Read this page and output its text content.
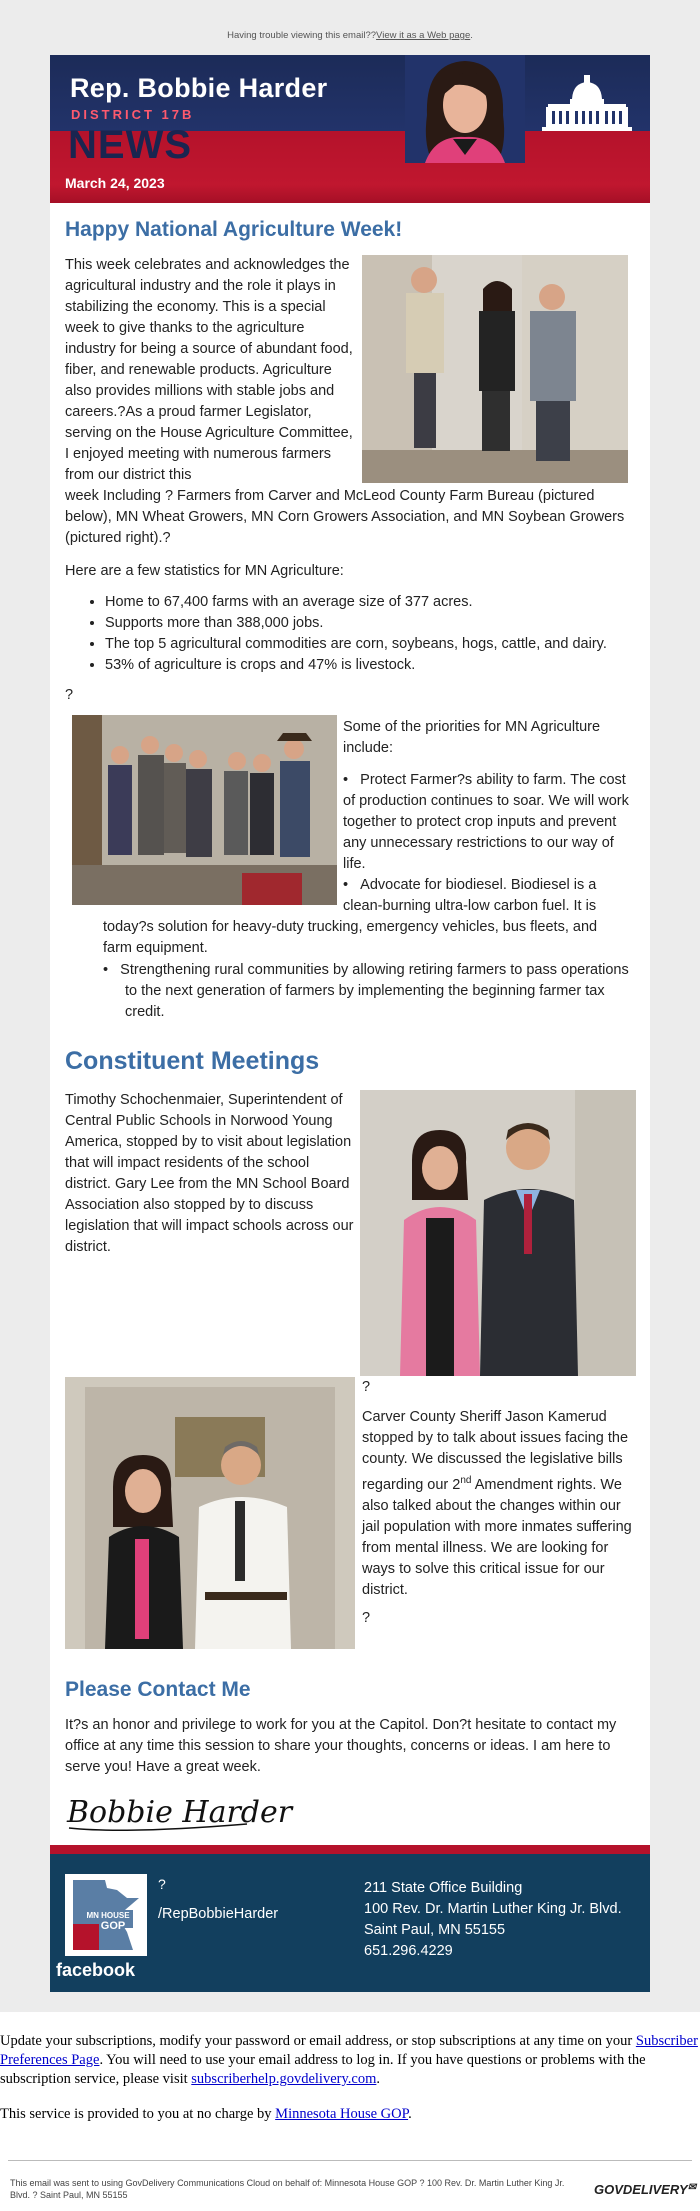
Having trouble viewing this email??View it as a Web page.
Rep. Bobbie Harder
DISTRICT 17B
NEWS
March 24, 2023
Happy National Agriculture Week!

This week celebrates and acknowledges the agricultural industry and the role it plays in stabilizing the economy. This is a special week to give thanks to the agriculture industry for being a source of abundant food, fiber, and renewable products. Agriculture also provides millions with stable jobs and careers.?As a proud farmer Legislator, serving on the House Agriculture Committee, I enjoyed meeting with numerous farmers from our district this

week Including ? Farmers from Carver and McLeod County Farm Bureau (pictured below), MN Wheat Growers, MN Corn Growers Association, and MN Soybean Growers (pictured right).?

Here are a few statistics for MN Agriculture:

• Home to 67,400 farms with an average size of 377 acres.
• Supports more than 388,000 jobs.
• The top 5 agricultural commodities are corn, soybeans, hogs, cattle, and dairy.
• 53% of agriculture is crops and 47% is livestock.

?

Some of the priorities for MN Agriculture include:

•   Protect Farmer?s ability to farm. The cost of production continues to soar. We will work together to protect crop inputs and prevent any unnecessary restrictions to our way of life.

•   Advocate for biodiesel. Biodiesel is a clean-burning ultra-low carbon fuel. It is

today?s solution for heavy-duty trucking, emergency vehicles, bus fleets, and farm equipment.

•   Strengthening rural communities by allowing retiring farmers to pass operations to the next generation of farmers by implementing the beginning farmer tax credit.

Constituent Meetings

Timothy Schochenmaier, Superintendent of Central Public Schools in Norwood Young America, stopped by to visit about legislation that will impact residents of the school district. Gary Lee from the MN School Board Association also stopped by to discuss legislation that will impact schools across our district.

?

Carver County Sheriff Jason Kamerud stopped by to talk about issues facing the county. We discussed the legislative bills regarding our 2nd Amendment rights. We also talked about the changes within our jail population with more inmates suffering from mental illness. We are looking for ways to solve this critical issue for our district.

?

Please Contact Me

It?s an honor and privilege to work for you at the Capitol. Don?t hesitate to contact my office at any time this session to share your thoughts, concerns or ideas. I am here to serve you! Have a great week.

Bobbie Harder
MN HOUSE
GOP
facebook
?
/RepBobbieHarder
211 State Office Building
100 Rev. Dr. Martin Luther King Jr. Blvd.
Saint Paul, MN 55155
651.296.4229

Update your subscriptions, modify your password or email address, or stop subscriptions at any time on your Subscriber Preferences Page. You will need to use your email address to log in. If you have questions or problems with the subscription service, please visit subscriberhelp.govdelivery.com.

This service is provided to you at no charge by Minnesota House GOP.

This email was sent to using GovDelivery Communications Cloud on behalf of: Minnesota House GOP ? 100 Rev. Dr. Martin Luther King Jr. Blvd. ? Saint Paul, MN 55155	GOVDELIVERY✉
